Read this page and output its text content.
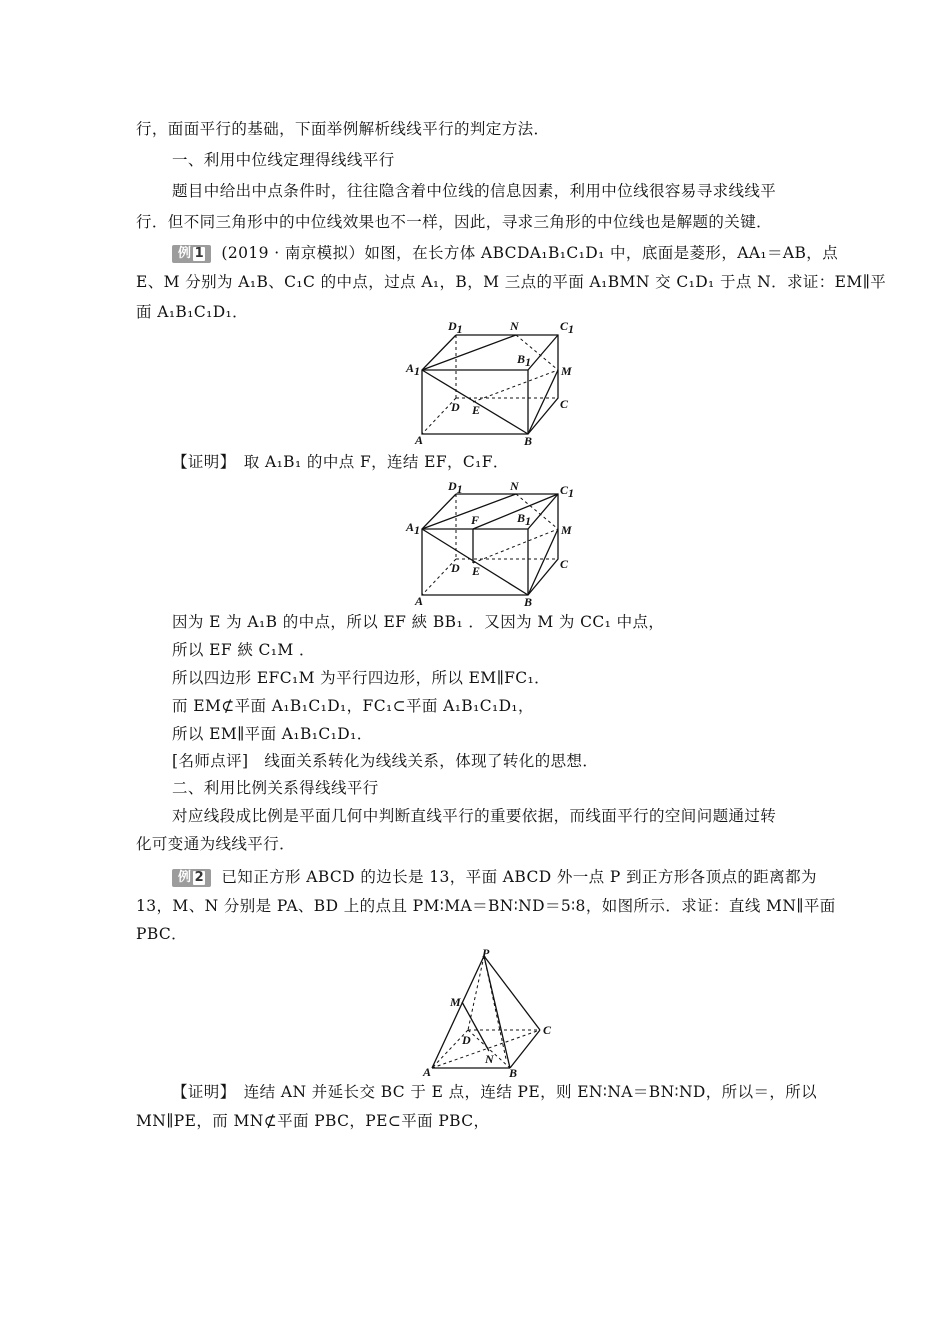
行，面面平行的基础，下面举例解析线线平行的判定方法．
一、利用中位线定理得线线平行
题目中给出中点条件时，往往隐含着中位线的信息因素，利用中位线很容易寻求线线平
行．但不同三角形中的中位线效果也不一样，因此，寻求三角形的中位线也是解题的关键．
例 1 (2019 · 南京模拟）如图，在长方体 ABCDA₁B₁C₁D₁ 中，底面是菱形，AA₁＝AB，点
E、M 分别为 A₁B、C₁C 的中点，过点 A₁，B，M 三点的平面 A₁BMN 交 C₁D₁ 于点 N．求证：EM∥平
面 A₁B₁C₁D₁．
D1	N	C1
B1
A1	M
D E	C
A	B
【证明】　取 A₁B₁ 的中点 F，连结 EF，C₁F．
D1	N	C1
F	B1
A1	M
D E	C
A	B
因为 E 为 A₁B 的中点，所以 EF 綊 BB₁ ．又因为 M 为 CC₁ 中点，
所以 EF 綊 C₁M ．
所以四边形 EFC₁M 为平行四边形，所以 EM∥FC₁．
而 EM⊄平面 A₁B₁C₁D₁，FC₁⊂平面 A₁B₁C₁D₁，
所以 EM∥平面 A₁B₁C₁D₁．
[名师点评]　线面关系转化为线线关系，体现了转化的思想．
二、利用比例关系得线线平行
对应线段成比例是平面几何中判断直线平行的重要依据，而线面平行的空间问题通过转
化可变通为线线平行．
例 2 已知正方形 ABCD 的边长是 13，平面 ABCD 外一点 P 到正方形各顶点的距离都为
13，M、N 分别是 PA、BD 上的点且 PM∶MA＝BN∶ND＝5∶8，如图所示．求证：直线 MN∥平面
PBC．
P
M
C
D
N
A	B
【证明】　连结 AN 并延长交 BC 于 E 点，连结 PE，则 EN∶NA＝BN∶ND，所以＝，所以
MN∥PE，而 MN⊄平面 PBC，PE⊂平面 PBC，
